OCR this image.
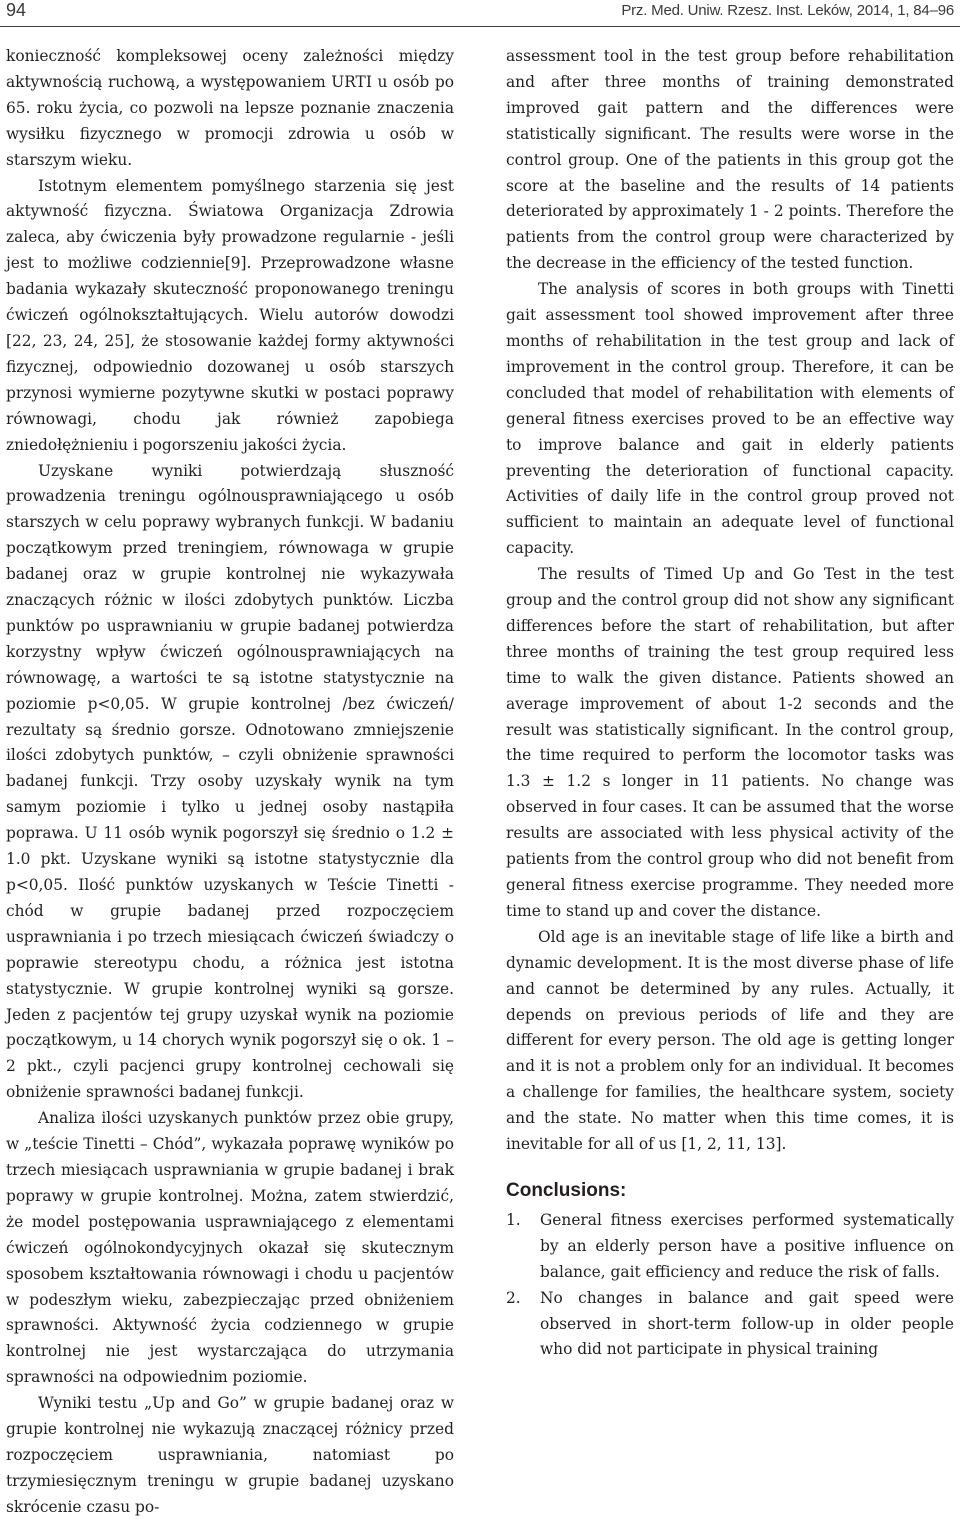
94	Prz. Med. Uniw. Rzesz. Inst. Leków, 2014, 1, 84–96

konieczność kompleksowej oceny zależności między aktywnością ruchową, a występowaniem URTI u osób po 65. roku życia, co pozwoli na lepsze poznanie znaczenia wysiłku fizycznego w promocji zdrowia u osób w starszym wieku.

Istotnym elementem pomyślnego starzenia się jest aktywność fizyczna. Światowa Organizacja Zdrowia zaleca, aby ćwiczenia były prowadzone regularnie - jeśli jest to możliwe codziennie[9]. Przeprowadzone własne badania wykazały skuteczność proponowanego treningu ćwiczeń ogólnokształtujących. Wielu autorów dowodzi [22, 23, 24, 25], że stosowanie każdej formy aktywności fizycznej, odpowiednio dozowanej u osób starszych przynosi wymierne pozytywne skutki w postaci poprawy równowagi, chodu jak również zapobiega zniedołężnieniu i pogorszeniu jakości życia.

Uzyskane wyniki potwierdzają słuszność prowadzenia treningu ogólnousprawniającego u osób starszych w celu poprawy wybranych funkcji. W badaniu początkowym przed treningiem, równowaga w grupie badanej oraz w grupie kontrolnej nie wykazywała znaczących różnic w ilości zdobytych punktów. Liczba punktów po usprawnianiu w grupie badanej potwierdza korzystny wpływ ćwiczeń ogólnousprawniających na równowagę, a wartości te są istotne statystycznie na poziomie p<0,05. W grupie kontrolnej /bez ćwiczeń/ rezultaty są średnio gorsze. Odnotowano zmniejszenie ilości zdobytych punktów, – czyli obniżenie sprawności badanej funkcji. Trzy osoby uzyskały wynik na tym samym poziomie i tylko u jednej osoby nastąpiła poprawa. U 11 osób wynik pogorszył się średnio o 1.2 ± 1.0 pkt. Uzyskane wyniki są istotne statystycznie dla p<0,05. Ilość punktów uzyskanych w Teście Tinetti - chód w grupie badanej przed rozpoczęciem usprawniania i po trzech miesiącach ćwiczeń świadczy o poprawie stereotypu chodu, a różnica jest istotna statystycznie. W grupie kontrolnej wyniki są gorsze. Jeden z pacjentów tej grupy uzyskał wynik na poziomie początkowym, u 14 chorych wynik pogorszył się o ok. 1 – 2 pkt., czyli pacjenci grupy kontrolnej cechowali się obniżenie sprawności badanej funkcji.

Analiza ilości uzyskanych punktów przez obie grupy, w „teście Tinetti – Chód”, wykazała poprawę wyników po trzech miesiącach usprawniania w grupie badanej i brak poprawy w grupie kontrolnej. Można, zatem stwierdzić, że model postępowania usprawniającego z elementami ćwiczeń ogólnokondycyjnych okazał się skutecznym sposobem kształtowania równowagi i chodu u pacjentów w podeszłym wieku, zabezpieczając przed obniżeniem sprawności. Aktywność życia codziennego w grupie kontrolnej nie jest wystarczająca do utrzymania sprawności na odpowiednim poziomie.

Wyniki testu „Up and Go” w grupie badanej oraz w grupie kontrolnej nie wykazują znaczącej różnicy przed rozpoczęciem usprawniania, natomiast po trzymiesięcznym treningu w grupie badanej uzyskano skrócenie czasu po-

assessment tool in the test group before rehabilitation and after three months of training demonstrated improved gait pattern and the differences were statistically significant. The results were worse in the control group. One of the patients in this group got the score at the baseline and the results of 14 patients deteriorated by approximately 1 - 2 points. Therefore the patients from the control group were characterized by the decrease in the efficiency of the tested function.

The analysis of scores in both groups with Tinetti gait assessment tool showed improvement after three months of rehabilitation in the test group and lack of improvement in the control group. Therefore, it can be concluded that model of rehabilitation with elements of general fitness exercises proved to be an effective way to improve balance and gait in elderly patients preventing the deterioration of functional capacity. Activities of daily life in the control group proved not sufficient to maintain an adequate level of functional capacity.

The results of Timed Up and Go Test in the test group and the control group did not show any significant differences before the start of rehabilitation, but after three months of training the test group required less time to walk the given distance. Patients showed an average improvement of about 1-2 seconds and the result was statistically significant. In the control group, the time required to perform the locomotor tasks was 1.3 ± 1.2 s longer in 11 patients. No change was observed in four cases. It can be assumed that the worse results are associated with less physical activity of the patients from the control group who did not benefit from general fitness exercise programme. They needed more time to stand up and cover the distance.

Old age is an inevitable stage of life like a birth and dynamic development. It is the most diverse phase of life and cannot be determined by any rules. Actually, it depends on previous periods of life and they are different for every person. The old age is getting longer and it is not a problem only for an individual. It becomes a challenge for families, the healthcare system, society and the state. No matter when this time comes, it is inevitable for all of us [1, 2, 11, 13].

Conclusions:
1. General fitness exercises performed systematically by an elderly person have a positive influence on balance, gait efficiency and reduce the risk of falls.
2. No changes in balance and gait speed were observed in short-term follow-up in older people who did not participate in physical training
